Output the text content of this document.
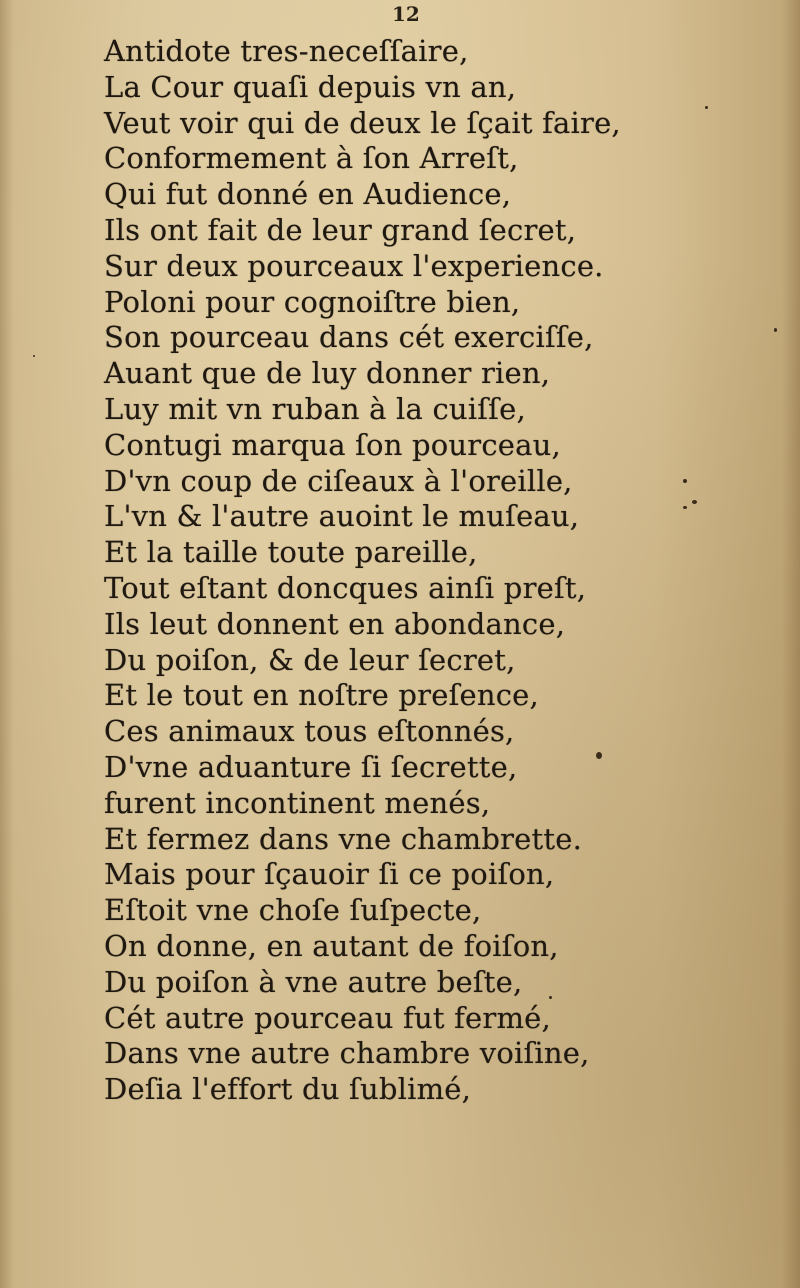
12
Antidote tres-neceſſaire,
La Cour quaſi depuis vn an,
Veut voir qui de deux le ſçait faire,
Conformement à ſon Arreſt,
Qui fut donné en Audience,
Ils ont fait de leur grand ſecret,
Sur deux pourceaux l'experience.
Poloni pour cognoiſtre bien,
Son pourceau dans cét exerciſſe,
Auant que de luy donner rien,
Luy mit vn ruban à la cuiſſe,
Contugi marqua ſon pourceau,
D'vn coup de ciſeaux à l'oreille,
L'vn & l'autre auoint le muſeau,
Et la taille toute pareille,
Tout eſtant doncques ainſi preſt,
Ils leut donnent en abondance,
Du poiſon, & de leur ſecret,
Et le tout en noſtre preſence,
Ces animaux tous eſtonnés,
D'vne aduanture ſi ſecrette,
furent incontinent menés,
Et fermez dans vne chambrette.
Mais pour ſçauoir ſi ce poiſon,
Eſtoit vne choſe ſuſpecte,
On donne, en autant de foiſon,
Du poiſon à vne autre beſte,
Cét autre pourceau fut fermé,
Dans vne autre chambre voiſine,
Deſia l'effort du ſublimé,
